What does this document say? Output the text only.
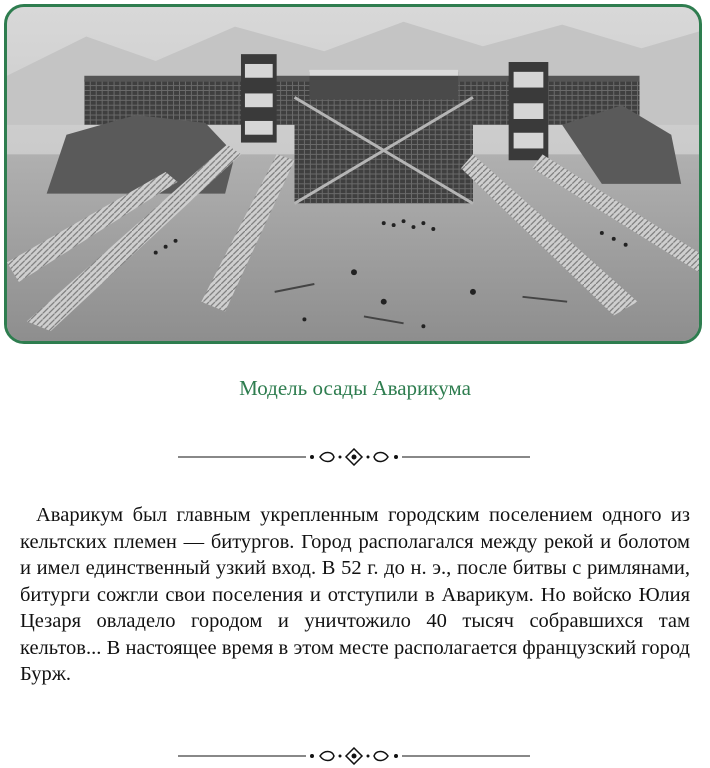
Модель осады Аварикума

Аварикум был главным укрепленным городским поселением одного из кельтских племен — битургов. Город располагался между рекой и болотом и имел единственный узкий вход. В 52 г. до н. э., после битвы с римлянами, битурги сожгли свои поселения и отступили в Аварикум. Но войско Юлия Цезаря овладело городом и уничтожило 40 тысяч собравшихся там кельтов... В настоящее время в этом месте располагается французский город Бурж.
